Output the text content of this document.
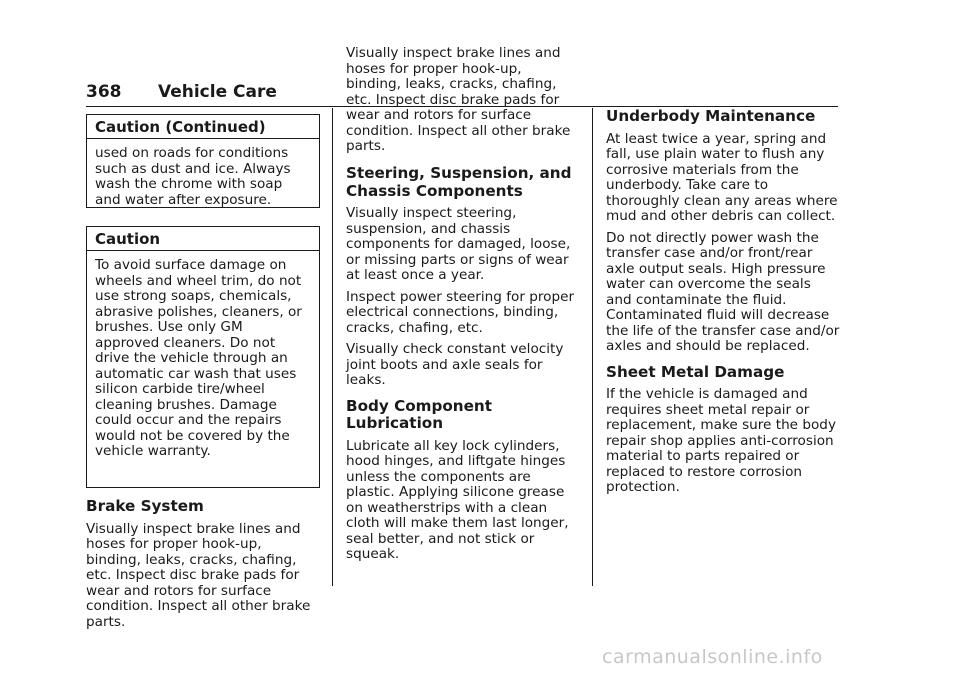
368 Vehicle Care
Caution (Continued)

used on roads for conditions such as dust and ice. Always wash the chrome with soap and water after exposure.

Caution

To avoid surface damage on wheels and wheel trim, do not use strong soaps, chemicals, abrasive polishes, cleaners, or brushes. Use only GM approved cleaners. Do not drive the vehicle through an automatic car wash that uses silicon carbide tire/wheel cleaning brushes. Damage could occur and the repairs would not be covered by the vehicle warranty.

Brake System

Visually inspect brake lines and hoses for proper hook-up, binding, leaks, cracks, chafing, etc. Inspect disc brake pads for wear and rotors for surface condition. Inspect all other brake parts.

Visually inspect brake lines and hoses for proper hook-up, binding, leaks, cracks, chafing, etc. Inspect disc brake pads for wear and rotors for surface condition. Inspect all other brake parts.

Steering, Suspension, and Chassis Components

Visually inspect steering, suspension, and chassis components for damaged, loose, or missing parts or signs of wear at least once a year.

Inspect power steering for proper electrical connections, binding, cracks, chafing, etc.

Visually check constant velocity joint boots and axle seals for leaks.

Body Component Lubrication

Lubricate all key lock cylinders, hood hinges, and liftgate hinges unless the components are plastic. Applying silicone grease on weatherstrips with a clean cloth will make them last longer, seal better, and not stick or squeak.

Underbody Maintenance

At least twice a year, spring and fall, use plain water to flush any corrosive materials from the underbody. Take care to thoroughly clean any areas where mud and other debris can collect.

Do not directly power wash the transfer case and/or front/rear axle output seals. High pressure water can overcome the seals and contaminate the fluid. Contaminated fluid will decrease the life of the transfer case and/or axles and should be replaced.

Sheet Metal Damage

If the vehicle is damaged and requires sheet metal repair or replacement, make sure the body repair shop applies anti-corrosion material to parts repaired or replaced to restore corrosion protection.

carmanualsonline.info
